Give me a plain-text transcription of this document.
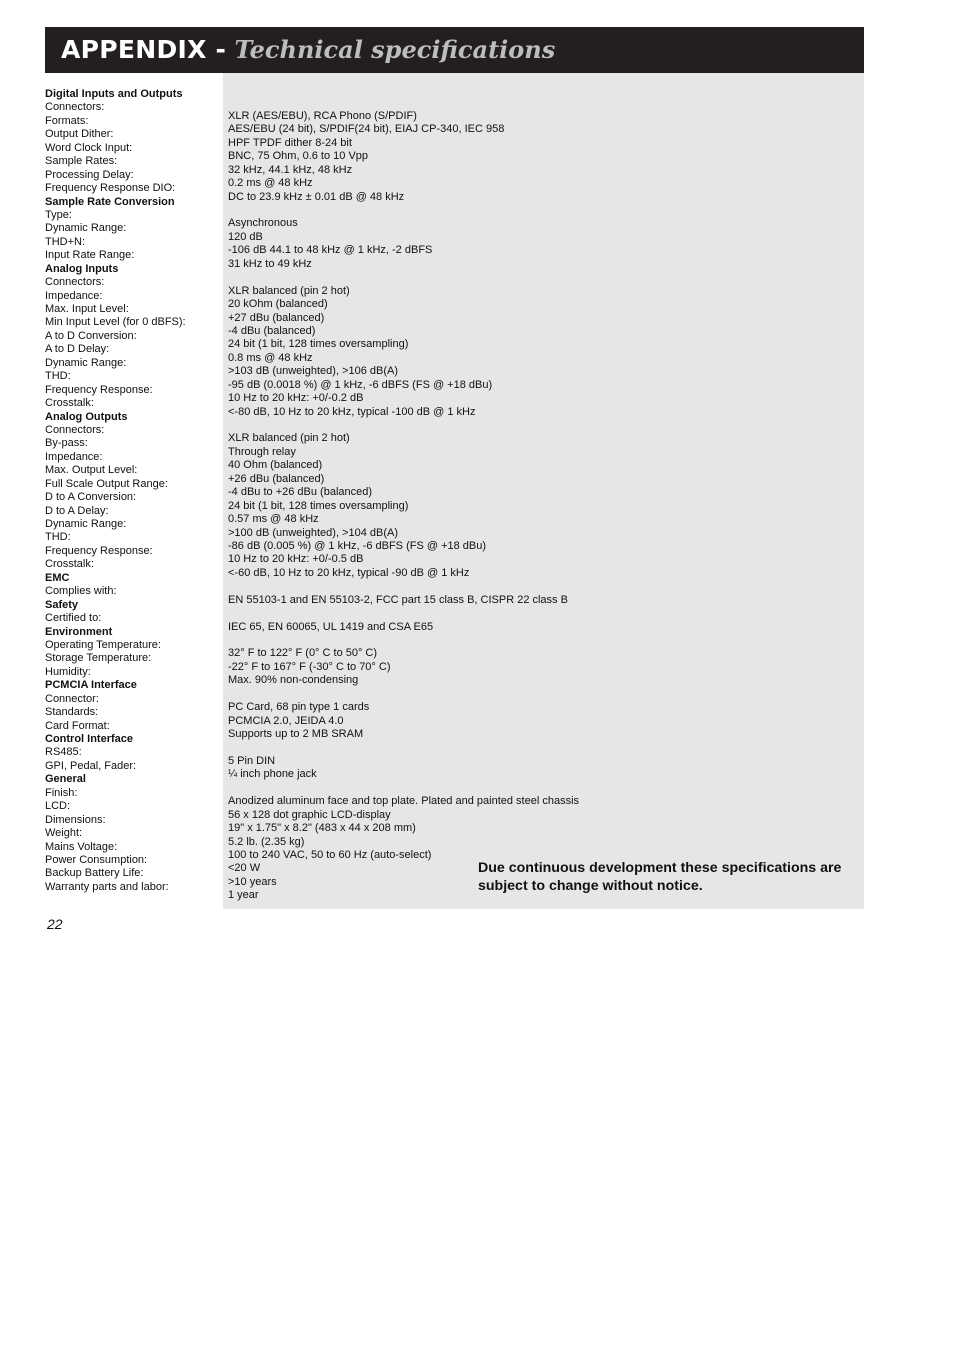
APPENDIX - Technical specifications
Digital Inputs and Outputs
Connectors:
XLR (AES/EBU), RCA Phono (S/PDIF)
Formats:
AES/EBU (24 bit), S/PDIF(24 bit), EIAJ CP-340, IEC 958
Output Dither:
HPF TPDF dither 8-24 bit
Word Clock Input:
BNC, 75 Ohm, 0.6 to 10 Vpp
Sample Rates:
32 kHz, 44.1 kHz, 48 kHz
Processing Delay:
0.2 ms @ 48 kHz
Frequency Response DIO:
DC to 23.9 kHz ± 0.01 dB @ 48 kHz
Sample Rate Conversion
Type:
Asynchronous
Dynamic Range:
120 dB
THD+N:
-106 dB 44.1 to 48 kHz @ 1 kHz, -2 dBFS
Input Rate Range:
31 kHz to 49 kHz
Analog Inputs
Connectors:
XLR balanced (pin 2 hot)
Impedance:
20 kOhm (balanced)
Max. Input Level:
+27 dBu (balanced)
Min Input Level (for 0 dBFS):
-4 dBu (balanced)
A to D Conversion:
24 bit (1 bit, 128 times oversampling)
A to D Delay:
0.8 ms @ 48 kHz
Dynamic Range:
>103 dB (unweighted), >106 dB(A)
THD:
-95 dB (0.0018 %) @ 1 kHz, -6 dBFS (FS @ +18 dBu)
Frequency Response:
10 Hz to 20 kHz: +0/-0.2 dB
Crosstalk:
<-80 dB, 10 Hz to 20 kHz, typical -100 dB @ 1 kHz
Analog Outputs
Connectors:
XLR balanced (pin 2 hot)
By-pass:
Through relay
Impedance:
40 Ohm (balanced)
Max. Output Level:
+26 dBu (balanced)
Full Scale Output Range:
-4 dBu to +26 dBu (balanced)
D to A Conversion:
24 bit (1 bit, 128 times oversampling)
D to A Delay:
0.57 ms @ 48 kHz
Dynamic Range:
>100 dB (unweighted), >104 dB(A)
THD:
-86 dB (0.005 %) @ 1 kHz, -6 dBFS (FS @ +18 dBu)
Frequency Response:
10 Hz to 20 kHz: +0/-0.5 dB
Crosstalk:
<-60 dB, 10 Hz to 20 kHz, typical -90 dB @ 1 kHz
EMC
Complies with:
EN 55103-1 and EN 55103-2, FCC part 15 class B, CISPR 22 class B
Safety
Certified to:
IEC 65, EN 60065, UL 1419 and CSA E65
Environment
Operating Temperature:
32° F to 122° F (0° C to 50° C)
Storage Temperature:
-22° F to 167° F (-30° C to 70° C)
Humidity:
Max. 90% non-condensing
PCMCIA Interface
Connector:
PC Card, 68 pin type 1 cards
Standards:
PCMCIA 2.0, JEIDA 4.0
Card Format:
Supports up to 2 MB SRAM
Control Interface
RS485:
5 Pin DIN
GPI, Pedal, Fader:
¼ inch phone jack
General
Finish:
Anodized aluminum face and top plate. Plated and painted steel chassis
LCD:
56 x 128 dot graphic LCD-display
Dimensions:
19" x 1.75" x 8.2" (483 x 44 x 208 mm)
Weight:
5.2 lb. (2.35 kg)
Mains Voltage:
100 to 240 VAC, 50 to 60 Hz (auto-select)
Power Consumption:
<20 W
Backup Battery Life:
>10 years
Warranty parts and labor:
1 year
Due continuous development these specifications are subject to change without notice.
22
